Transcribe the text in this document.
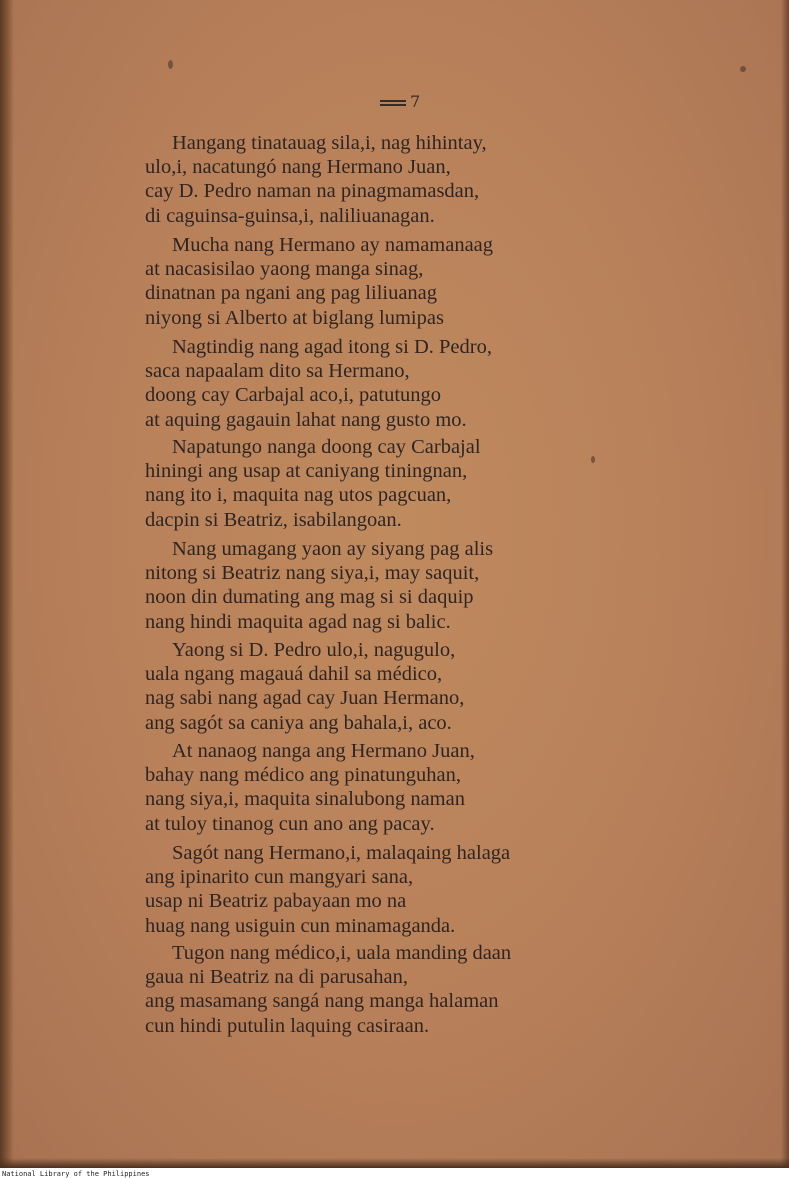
7
Hangang tinatauag sila,i, nag hihintay,
ulo,i, nacatungó nang Hermano Juan,
cay D. Pedro naman na pinagmamasdan,
di caguinsa-guinsa,i, naliliuanagan.
Mucha nang Hermano ay namamanaag
at nacasisilao yaong manga sinag,
dinatnan pa ngani ang pag liliuanag
niyong si Alberto at biglang lumipas
Nagtindig nang agad itong si D. Pedro,
saca napaalam dito sa Hermano,
doong cay Carbajal aco,i, patutungo
at aquing gagauin lahat nang gusto mo.
Napatungo nanga doong cay Carbajal
hiningi ang usap at caniyang tiningnan,
nang ito i, maquita nag utos pagcuan,
dacpin si Beatriz, isabilangoan.
Nang umagang yaon ay siyang pag alis
nitong si Beatriz nang siya,i, may saquit,
noon din dumating ang mag si si daquip
nang hindi maquita agad nag si balic.
Yaong si D. Pedro ulo,i, nagugulo,
uala ngang magauá dahil sa médico,
nag sabi nang agad cay Juan Hermano,
ang sagót sa caniya ang bahala,i, aco.
At nanaog nanga ang Hermano Juan,
bahay nang médico ang pinatunguhan,
nang siya,i, maquita sinalubong naman
at tuloy tinanog cun ano ang pacay.
Sagót nang Hermano,i, malaqaing halaga
ang ipinarito cun mangyari sana,
usap ni Beatriz pabayaan mo na
huag nang usiguin cun minamaganda.
Tugon nang médico,i, uala manding daan
gaua ni Beatriz na di parusahan,
ang masamang sangá nang manga halaman
cun hindi putulin laquing casiraan.
National Library of the Philippines
